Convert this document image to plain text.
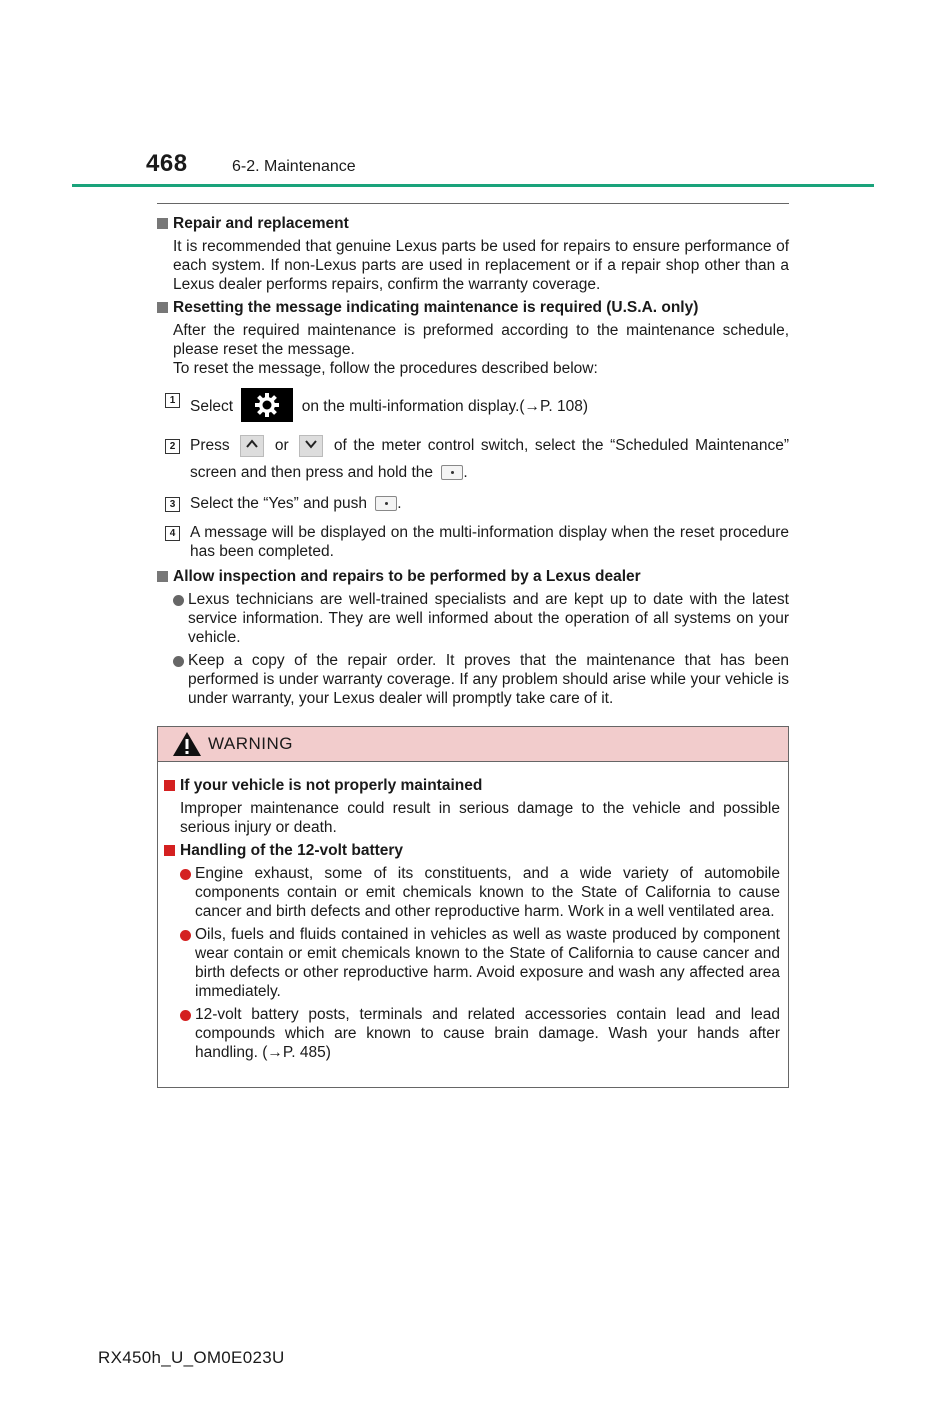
468	6-2. Maintenance
Repair and replacement

It is recommended that genuine Lexus parts be used for repairs to ensure performance of each system. If non-Lexus parts are used in replacement or if a repair shop other than a Lexus dealer performs repairs, confirm the warranty coverage.

Resetting the message indicating maintenance is required (U.S.A. only)

After the required maintenance is preformed according to the maintenance schedule, please reset the message.

To reset the message, follow the procedures described below:

1 Select	on the multi-information display.(→P. 108)
2 Press	or	of the meter control switch, select the “Scheduled Maintenance” screen and then press and hold the .
3 Select the “Yes” and push .
4 A message will be displayed on the multi-information display when the reset procedure has been completed.
Allow inspection and repairs to be performed by a Lexus dealer
Lexus technicians are well-trained specialists and are kept up to date with the latest service information. They are well informed about the operation of all systems on your vehicle.
Keep a copy of the repair order. It proves that the maintenance that has been performed is under warranty coverage. If any problem should arise while your vehicle is under warranty, your Lexus dealer will promptly take care of it.
WARNING
If your vehicle is not properly maintained

Improper maintenance could result in serious damage to the vehicle and possible serious injury or death.

Handling of the 12-volt battery
Engine exhaust, some of its constituents, and a wide variety of automobile components contain or emit chemicals known to the State of California to cause cancer and birth defects and other reproductive harm. Work in a well ventilated area.
Oils, fuels and fluids contained in vehicles as well as waste produced by component wear contain or emit chemicals known to the State of California to cause cancer and birth defects or other reproductive harm. Avoid exposure and wash any affected area immediately.
12-volt battery posts, terminals and related accessories contain lead and lead compounds which are known to cause brain damage. Wash your hands after handling. (→P. 485)
RX450h_U_OM0E023U
